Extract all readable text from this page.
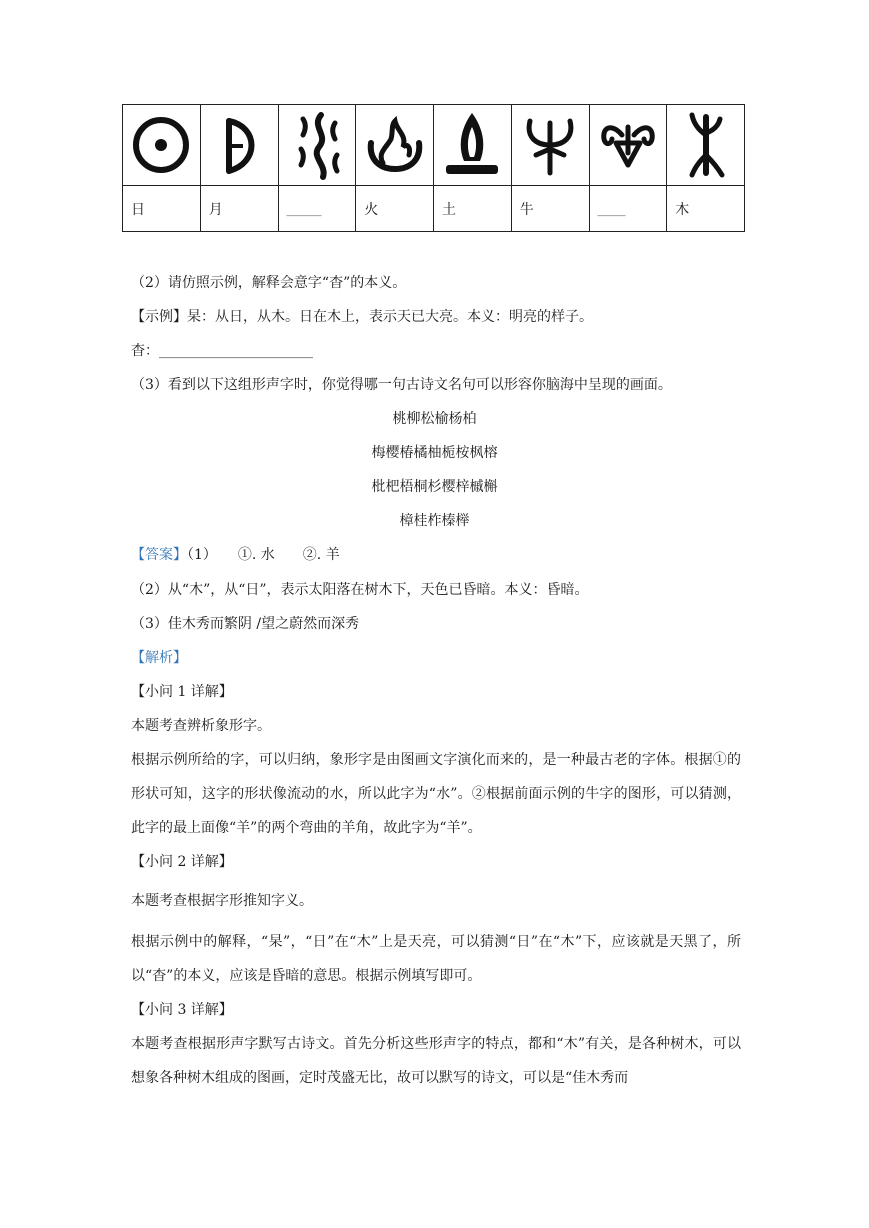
日	月	_____	火	土	牛	____	木
（2）请仿照示例，解释会意字“杳”的本义。
【示例】杲：从日，从木。日在木上，表示天已大亮。本义：明亮的样子。
杳：______________________
（3）看到以下这组形声字时，你觉得哪一句古诗文名句可以形容你脑海中呈现的画面。
桃柳松榆杨柏
梅樱椿橘柚栀桉枫榕
枇杷梧桐杉樱梓槭槲
樟桂柞榛榉
【答案】（1）　　①. 水　　②. 羊
（2）从“木”，从“日”，表示太阳落在树木下，天色已昏暗。本义：昏暗。
（3）佳木秀而繁阴 /望之蔚然而深秀
【解析】
【小问 1 详解】
本题考查辨析象形字。
根据示例所给的字，可以归纳，象形字是由图画文字演化而来的，是一种最古老的字体。根据①的形状可知，这字的形状像流动的水，所以此字为“水”。②根据前面示例的牛字的图形，可以猜测，此字的最上面像“羊”的两个弯曲的羊角，故此字为“羊”。
【小问 2 详解】
本题考查根据字形推知字义。
根据示例中的解释，“杲”，“日”在“木”上是天亮，可以猜测“日”在“木”下，应该就是天黑了，所以“杳”的本义，应该是昏暗的意思。根据示例填写即可。
【小问 3 详解】
本题考查根据形声字默写古诗文。首先分析这些形声字的特点，都和“木”有关，是各种树木，可以想象各种树木组成的图画，定时茂盛无比，故可以默写的诗文，可以是“佳木秀而
